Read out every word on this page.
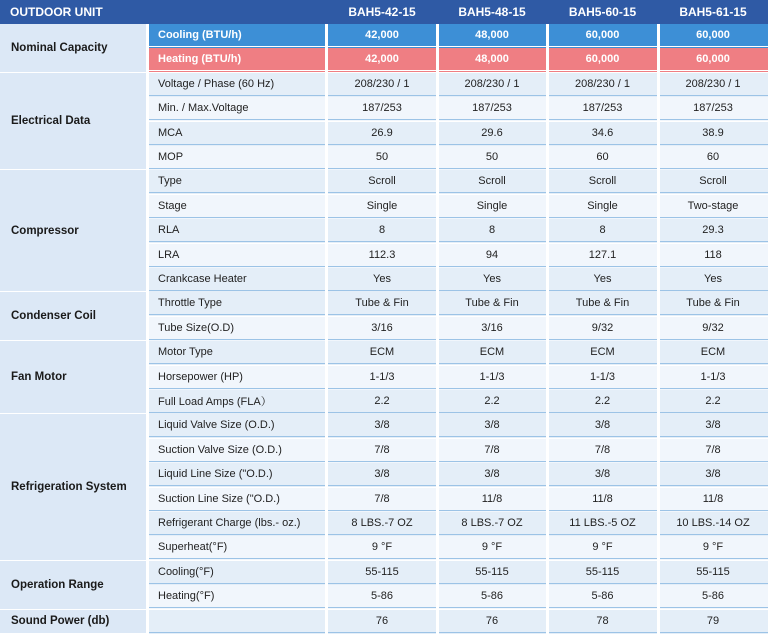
OUTDOOR UNIT	BAH5-42-15	BAH5-48-15	BAH5-60-15	BAH5-61-15
Nominal Capacity
Cooling (BTU/h)	42,000	48,000	60,000	60,000
Heating (BTU/h)	42,000	48,000	60,000	60,000
Electrical Data
Voltage / Phase (60 Hz)	208/230 / 1	208/230 / 1	208/230 / 1	208/230 / 1
Min. / Max.Voltage	187/253	187/253	187/253	187/253
MCA	26.9	29.6	34.6	38.9
MOP	50	50	60	60
Compressor
Type	Scroll	Scroll	Scroll	Scroll
Stage	Single	Single	Single	Two-stage
RLA	8	8	8	29.3
LRA	112.3	94	127.1	118
Crankcase Heater	Yes	Yes	Yes	Yes
Condenser Coil
Throttle Type	Tube & Fin	Tube & Fin	Tube & Fin	Tube & Fin
Tube Size(O.D)	3/16	3/16	9/32	9/32
Fan Motor
Motor Type	ECM	ECM	ECM	ECM
Horsepower (HP)	1-1/3	1-1/3	1-1/3	1-1/3
Full Load Amps (FLA）	2.2	2.2	2.2	2.2
Refrigeration System
Liquid Valve Size (O.D.)	3/8	3/8	3/8	3/8
Suction Valve Size (O.D.)	7/8	7/8	7/8	7/8
Liquid Line Size ("O.D.)	3/8	3/8	3/8	3/8
Suction Line Size ("O.D.)	7/8	11/8	11/8	11/8
Refrigerant Charge (lbs.- oz.)	8 LBS.-7 OZ	8 LBS.-7 OZ	11 LBS.-5 OZ	10 LBS.-14 OZ
Superheat(°F)	9 °F	9 °F	9 °F	9 °F
Operation Range
Cooling(°F)	55-115	55-115	55-115	55-115
Heating(°F)	5-86	5-86	5-86	5-86
Sound Power (db)	76	76	78	79
